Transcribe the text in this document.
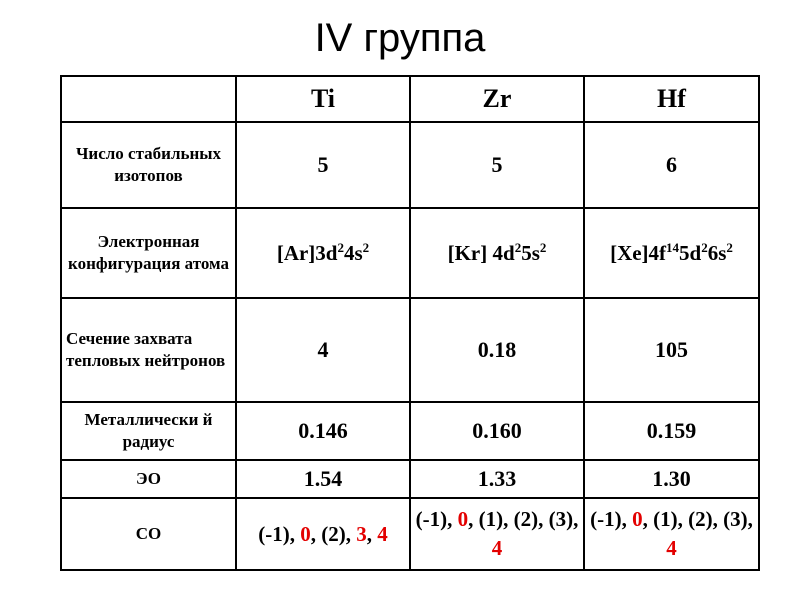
IV группа
	Ti	Zr	Hf
Число стабильных изотопов	5	5	6
Электронная конфигурация атома	$[Ar]3d^24s^2$	[Kr] $4d^25s^2$	$[Xe]4f^{14}5d^26s^2$
Сечение захвата тепловых нейтронов	4	0.18	105
Металлически й радиус	0.146	0.160	0.159
ЭО	1.54	1.33	1.30
СО	(-1), 0, (2), 3, 4	(-1), 0, (1), (2), (3), 4	(-1), 0, (1), (2), (3), 4
